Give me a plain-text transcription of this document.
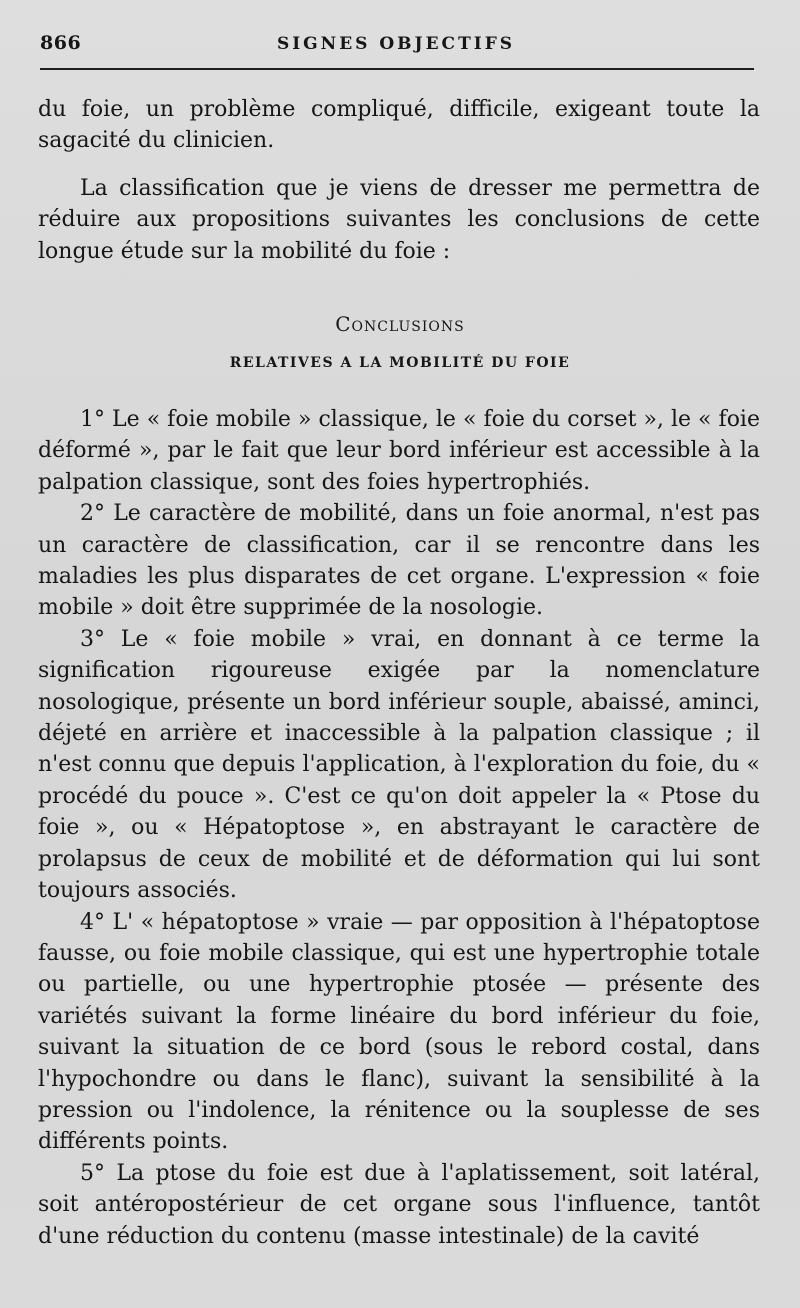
866	SIGNES OBJECTIFS

du foie, un problème compliqué, difficile, exigeant toute la sagacité du clinicien.

La classification que je viens de dresser me permettra de réduire aux propositions suivantes les conclusions de cette longue étude sur la mobilité du foie :

Conclusions
RELATIVES A LA MOBILITÉ DU FOIE

1° Le « foie mobile » classique, le « foie du corset », le « foie déformé », par le fait que leur bord inférieur est accessible à la palpation classique, sont des foies hypertrophiés.

2° Le caractère de mobilité, dans un foie anormal, n'est pas un caractère de classification, car il se rencontre dans les maladies les plus disparates de cet organe. L'expression « foie mobile » doit être supprimée de la nosologie.

3° Le « foie mobile » vrai, en donnant à ce terme la signification rigoureuse exigée par la nomenclature nosologique, présente un bord inférieur souple, abaissé, aminci, déjeté en arrière et inaccessible à la palpation classique ; il n'est connu que depuis l'application, à l'exploration du foie, du « procédé du pouce ». C'est ce qu'on doit appeler la « Ptose du foie », ou « Hépatoptose », en abstrayant le caractère de prolapsus de ceux de mobilité et de déformation qui lui sont toujours associés.

4° L' « hépatoptose » vraie — par opposition à l'hépatoptose fausse, ou foie mobile classique, qui est une hypertrophie totale ou partielle, ou une hypertrophie ptosée — présente des variétés suivant la forme linéaire du bord inférieur du foie, suivant la situation de ce bord (sous le rebord costal, dans l'hypochondre ou dans le flanc), suivant la sensibilité à la pression ou l'indolence, la rénitence ou la souplesse de ses différents points.

5° La ptose du foie est due à l'aplatissement, soit latéral, soit antéropostérieur de cet organe sous l'influence, tantôt d'une réduction du contenu (masse intestinale) de la cavité
